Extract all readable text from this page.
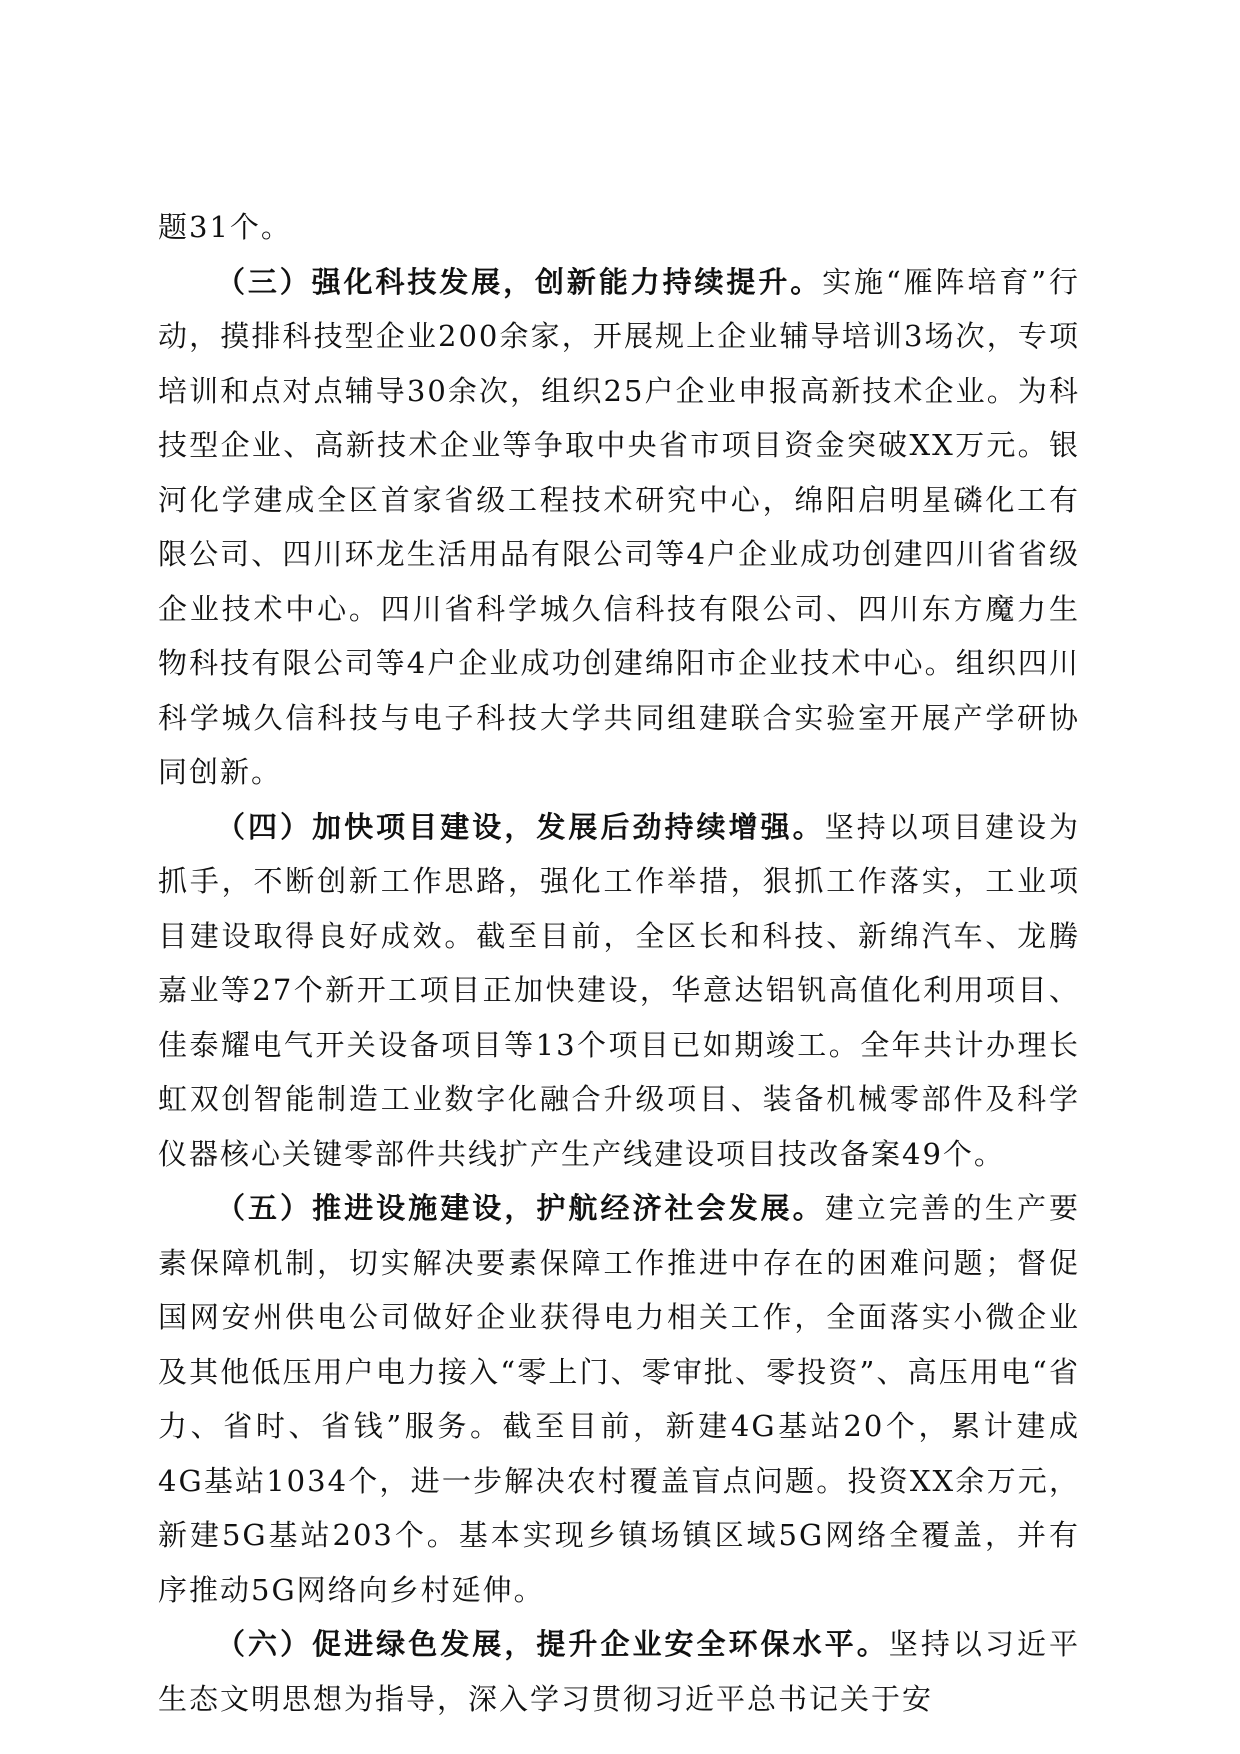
题31个。

（三）强化科技发展，创新能力持续提升。实施“雁阵培育”行动，摸排科技型企业200余家，开展规上企业辅导培训3场次，专项培训和点对点辅导30余次，组织25户企业申报高新技术企业。为科技型企业、高新技术企业等争取中央省市项目资金突破XX万元。银河化学建成全区首家省级工程技术研究中心，绵阳启明星磷化工有限公司、四川环龙生活用品有限公司等4户企业成功创建四川省省级企业技术中心。四川省科学城久信科技有限公司、四川东方魔力生物科技有限公司等4户企业成功创建绵阳市企业技术中心。组织四川科学城久信科技与电子科技大学共同组建联合实验室开展产学研协同创新。

（四）加快项目建设，发展后劲持续增强。坚持以项目建设为抓手，不断创新工作思路，强化工作举措，狠抓工作落实，工业项目建设取得良好成效。截至目前，全区长和科技、新绵汽车、龙腾嘉业等27个新开工项目正加快建设，华意达铝钒高值化利用项目、佳泰耀电气开关设备项目等13个项目已如期竣工。全年共计办理长虹双创智能制造工业数字化融合升级项目、装备机械零部件及科学仪器核心关键零部件共线扩产生产线建设项目技改备案49个。

（五）推进设施建设，护航经济社会发展。建立完善的生产要素保障机制，切实解决要素保障工作推进中存在的困难问题；督促国网安州供电公司做好企业获得电力相关工作，全面落实小微企业及其他低压用户电力接入“零上门、零审批、零投资”、高压用电“省力、省时、省钱”服务。截至目前，新建4G基站20个，累计建成4G基站1034个，进一步解决农村覆盖盲点问题。投资XX余万元，新建5G基站203个。基本实现乡镇场镇区域5G网络全覆盖，并有序推动5G网络向乡村延伸。

（六）促进绿色发展，提升企业安全环保水平。坚持以习近平生态文明思想为指导，深入学习贯彻习近平总书记关于安
